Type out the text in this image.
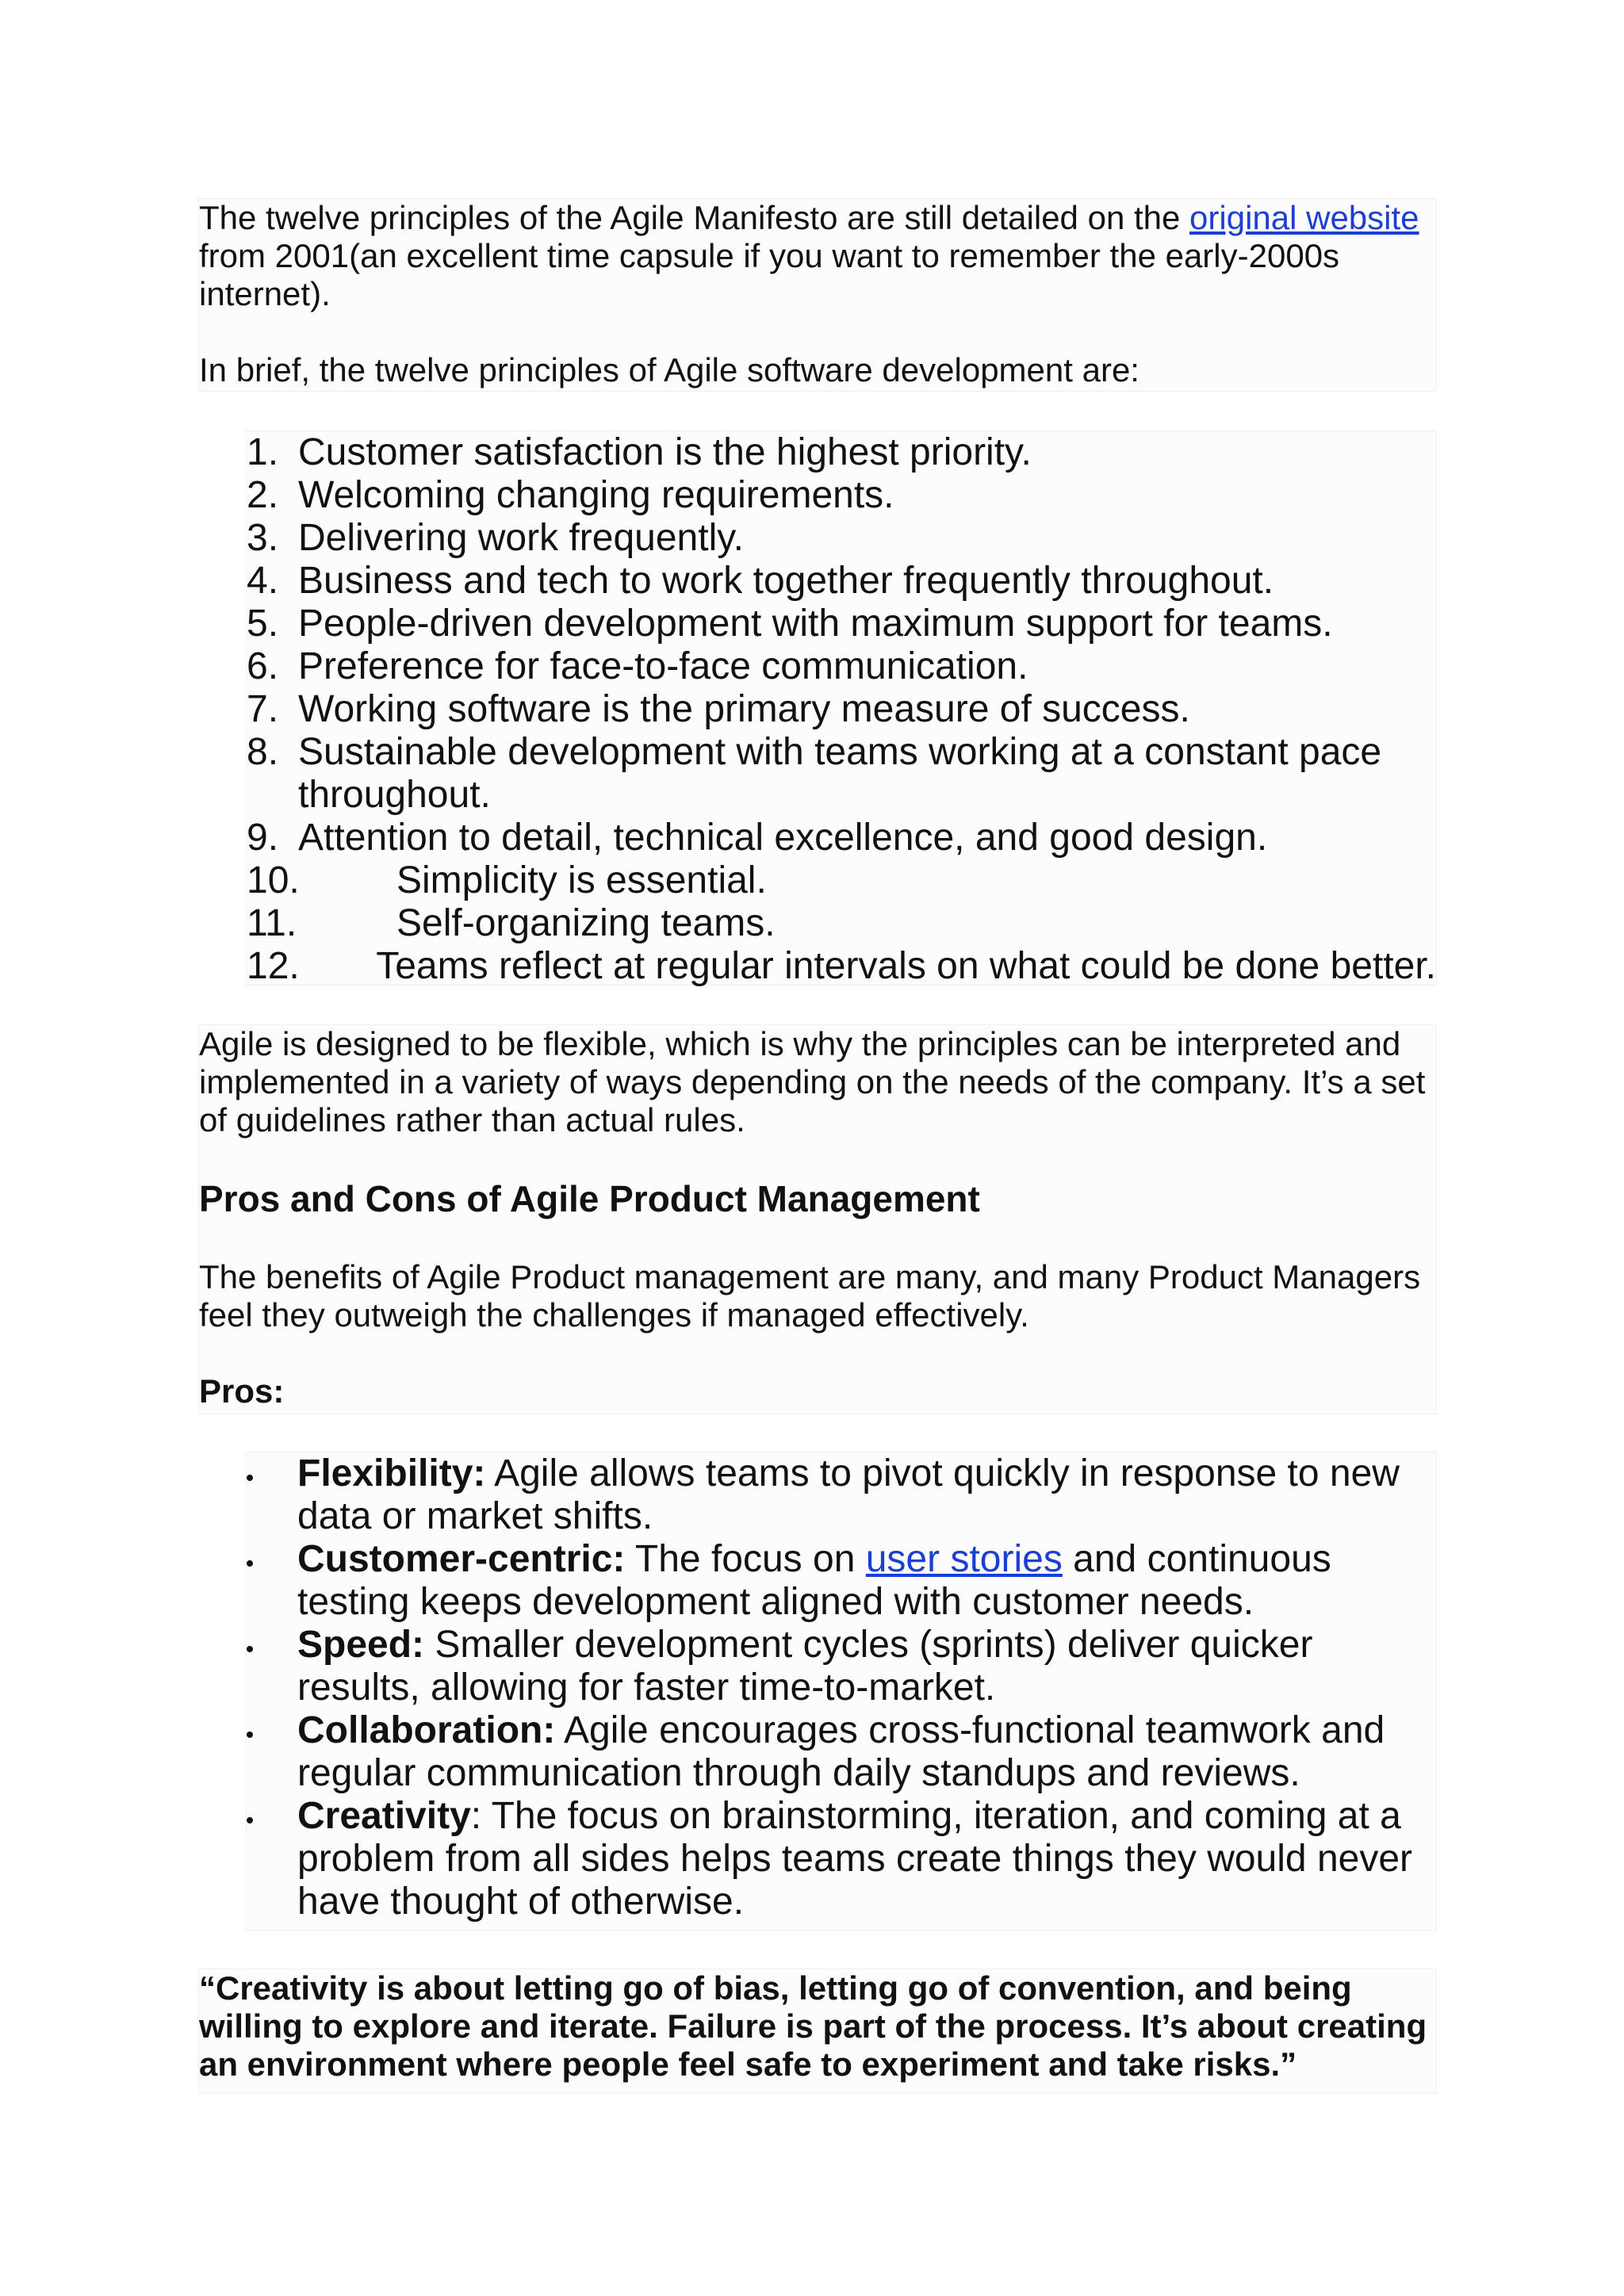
The twelve principles of the Agile Manifesto are still detailed on the original website from 2001(an excellent time capsule if you want to remember the early-2000s internet).

In brief, the twelve principles of Agile software development are:

1. Customer satisfaction is the highest priority.
2. Welcoming changing requirements.
3. Delivering work frequently.
4. Business and tech to work together frequently throughout.
5. People-driven development with maximum support for teams.
6. Preference for face-to-face communication.
7. Working software is the primary measure of success.
8. Sustainable development with teams working at a constant pace throughout.
9. Attention to detail, technical excellence, and good design.
10.	Simplicity is essential.
11.	Self-organizing teams.
12.	Teams reflect at regular intervals on what could be done better.

Agile is designed to be flexible, which is why the principles can be interpreted and implemented in a variety of ways depending on the needs of the company. It’s a set of guidelines rather than actual rules.

Pros and Cons of Agile Product Management

The benefits of Agile Product management are many, and many Product Managers feel they outweigh the challenges if managed effectively.

Pros:

Flexibility: Agile allows teams to pivot quickly in response to new data or market shifts.
Customer-centric: The focus on user stories and continuous testing keeps development aligned with customer needs.
Speed: Smaller development cycles (sprints) deliver quicker results, allowing for faster time-to-market.
Collaboration: Agile encourages cross-functional teamwork and regular communication through daily standups and reviews.
Creativity: The focus on brainstorming, iteration, and coming at a problem from all sides helps teams create things they would never have thought of otherwise.

“Creativity is about letting go of bias, letting go of convention, and being willing to explore and iterate. Failure is part of the process. It’s about creating an environment where people feel safe to experiment and take risks.”
